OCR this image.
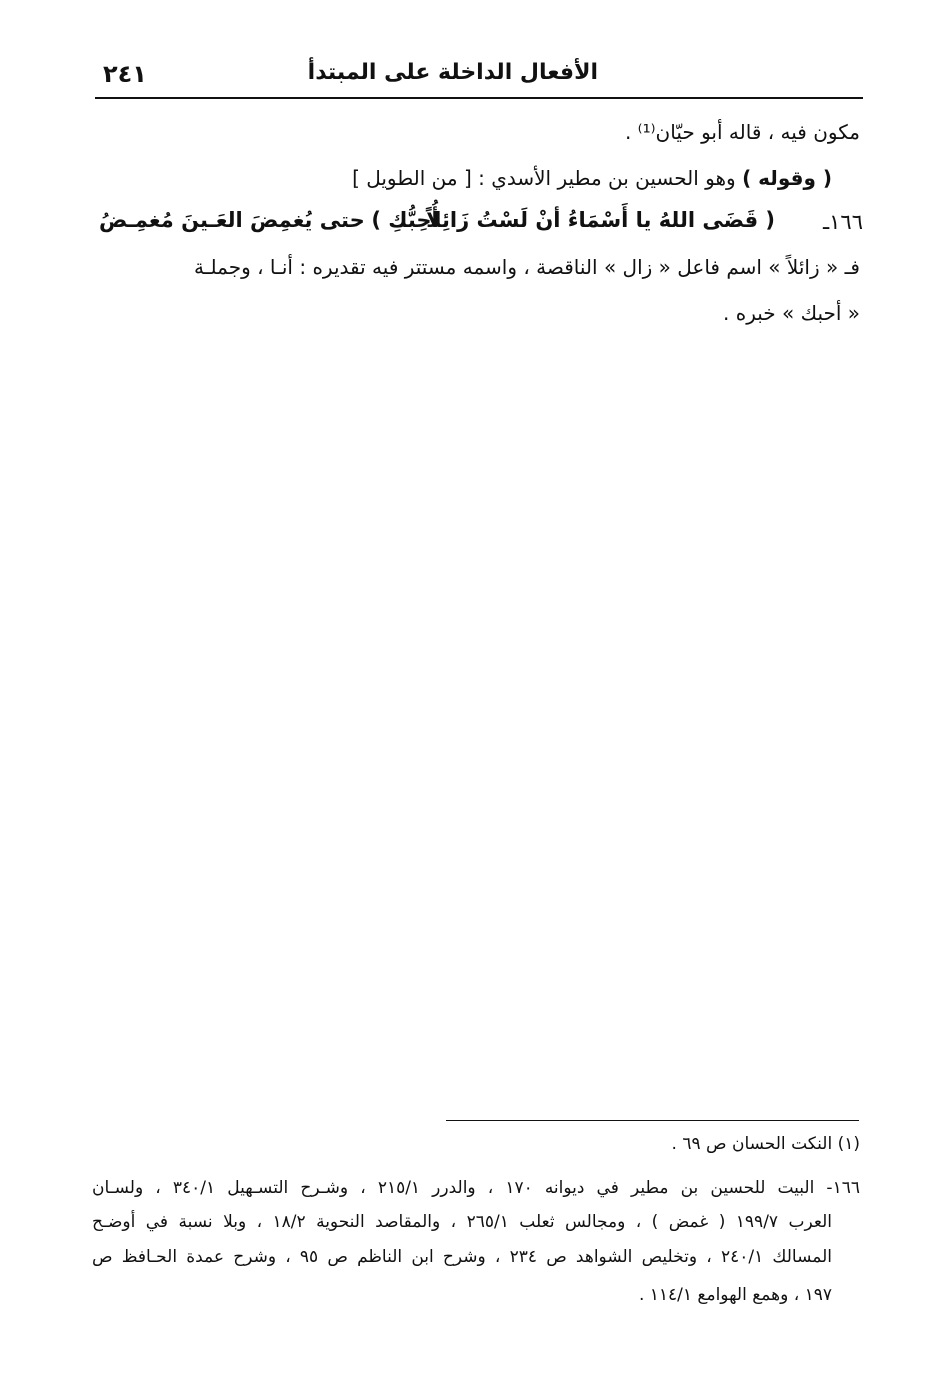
الأفعال الداخلة على المبتدأ
٢٤١
مكون فيه ، قاله أبو حيّان⁽¹⁾ .
( وقوله ) وهو الحسين بن مطير الأسدي : [ من الطويل ]
١٦٦ـ
( قَضَى اللهُ يا أَسْمَاءُ أنْ لَسْتُ زَائِلاً
أُحِبُّكِ ) حتى يُغمِضَ العَـينَ مُغمِـضُ
فـ « زائلاً » اسم فاعل « زال » الناقصة ، واسمه مستتر فيه تقديره : أنـا ، وجملـة
« أحبك » خبره .
(١) النكت الحسان ص ٦٩ .
١٦٦- البيت للحسين بن مطير في ديوانه ١٧٠ ، والدرر ٢١٥/١ ، وشـرح التسـهيل ٣٤٠/١ ، ولسـان
العرب ١٩٩/٧ ( غمض ) ، ومجالس ثعلب ٢٦٥/١ ، والمقاصد النحوية ١٨/٢ ، وبلا نسبة في أوضـح
المسالك ٢٤٠/١ ، وتخليص الشواهد ص ٢٣٤ ، وشرح ابن الناظم ص ٩٥ ، وشرح عمدة الحـافظ ص
١٩٧ ، وهمع الهوامع ١١٤/١ .
